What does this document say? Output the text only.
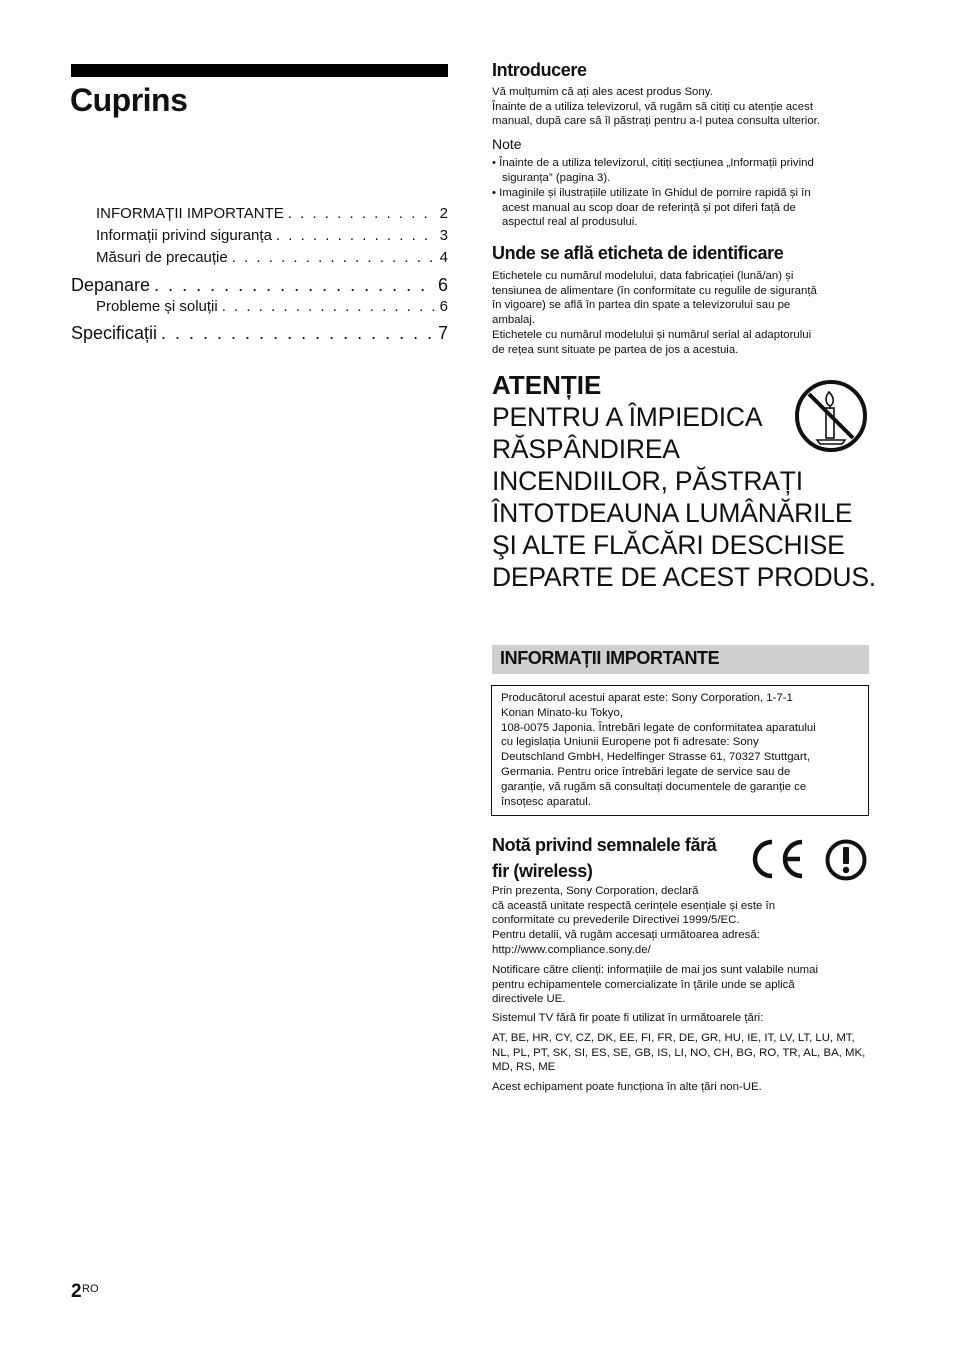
Cuprins
INFORMAȚII IMPORTANTE . . .	2
Informații privind siguranța . . .	3
Măsuri de precauție . . .	4
Depanare . . .	6
Probleme și soluții . . .	6
Specificații . . .	7
Introducere
Vă mulțumim că ați ales acest produs Sony.
Înainte de a utiliza televizorul, vă rugăm să citiți cu atenție acest
manual, după care să îl păstrați pentru a-l putea consulta ulterior.
Note
• Înainte de a utiliza televizorul, citiți secțiunea „Informații privind
siguranța” (pagina 3).
• Imaginile și ilustrațiile utilizate în Ghidul de pornire rapidă și în
acest manual au scop doar de referință și pot diferi față de
aspectul real al produsului.
Unde se află eticheta de identificare
Etichetele cu numărul modelului, data fabricației (lună/an) și
tensiunea de alimentare (în conformitate cu regulile de siguranță
în vigoare) se află în partea din spate a televizorului sau pe
ambalaj.
Etichetele cu numărul modelului și numărul serial al adaptorului
de rețea sunt situate pe partea de jos a acestuia.
ATENȚIE
PENTRU A ÎMPIEDICA
RĂSPÂNDIREA
INCENDIILOR, PĂSTRAȚI
ÎNTOTDEAUNA LUMÂNĂRILE
ŞI ALTE FLĂCĂRI DESCHISE
DEPARTE DE ACEST PRODUS.
INFORMAȚII IMPORTANTE
Producătorul acestui aparat este: Sony Corporation, 1-7-1
Konan Minato-ku Tokyo,
108-0075 Japonia. Întrebări legate de conformitatea aparatului
cu legislația Uniunii Europene pot fi adresate: Sony
Deutschland GmbH, Hedelfinger Strasse 61, 70327 Stuttgart,
Germania. Pentru orice întrebări legate de service sau de
garanție, vă rugăm să consultați documentele de garanție ce
însoțesc aparatul.
Notă privind semnalele fără
fir (wireless)
Prin prezenta, Sony Corporation, declară
că această unitate respectă cerințele esențiale și este în
conformitate cu prevederile Directivei 1999/5/EC.
Pentru detalii, vă rugăm accesați următoarea adresă:
http://www.compliance.sony.de/
Notificare către clienți: informațiile de mai jos sunt valabile numai
pentru echipamentele comercializate în țările unde se aplică
directivele UE.
Sistemul TV fără fir poate fi utilizat în următoarele țări:
AT, BE, HR, CY, CZ, DK, EE, FI, FR, DE, GR, HU, IE, IT, LV, LT, LU, MT,
NL, PL, PT, SK, SI, ES, SE, GB, IS, LI, NO, CH, BG, RO, TR, AL, BA, MK,
MD, RS, ME
Acest echipament poate funcționa în alte țări non-UE.
2 RO
